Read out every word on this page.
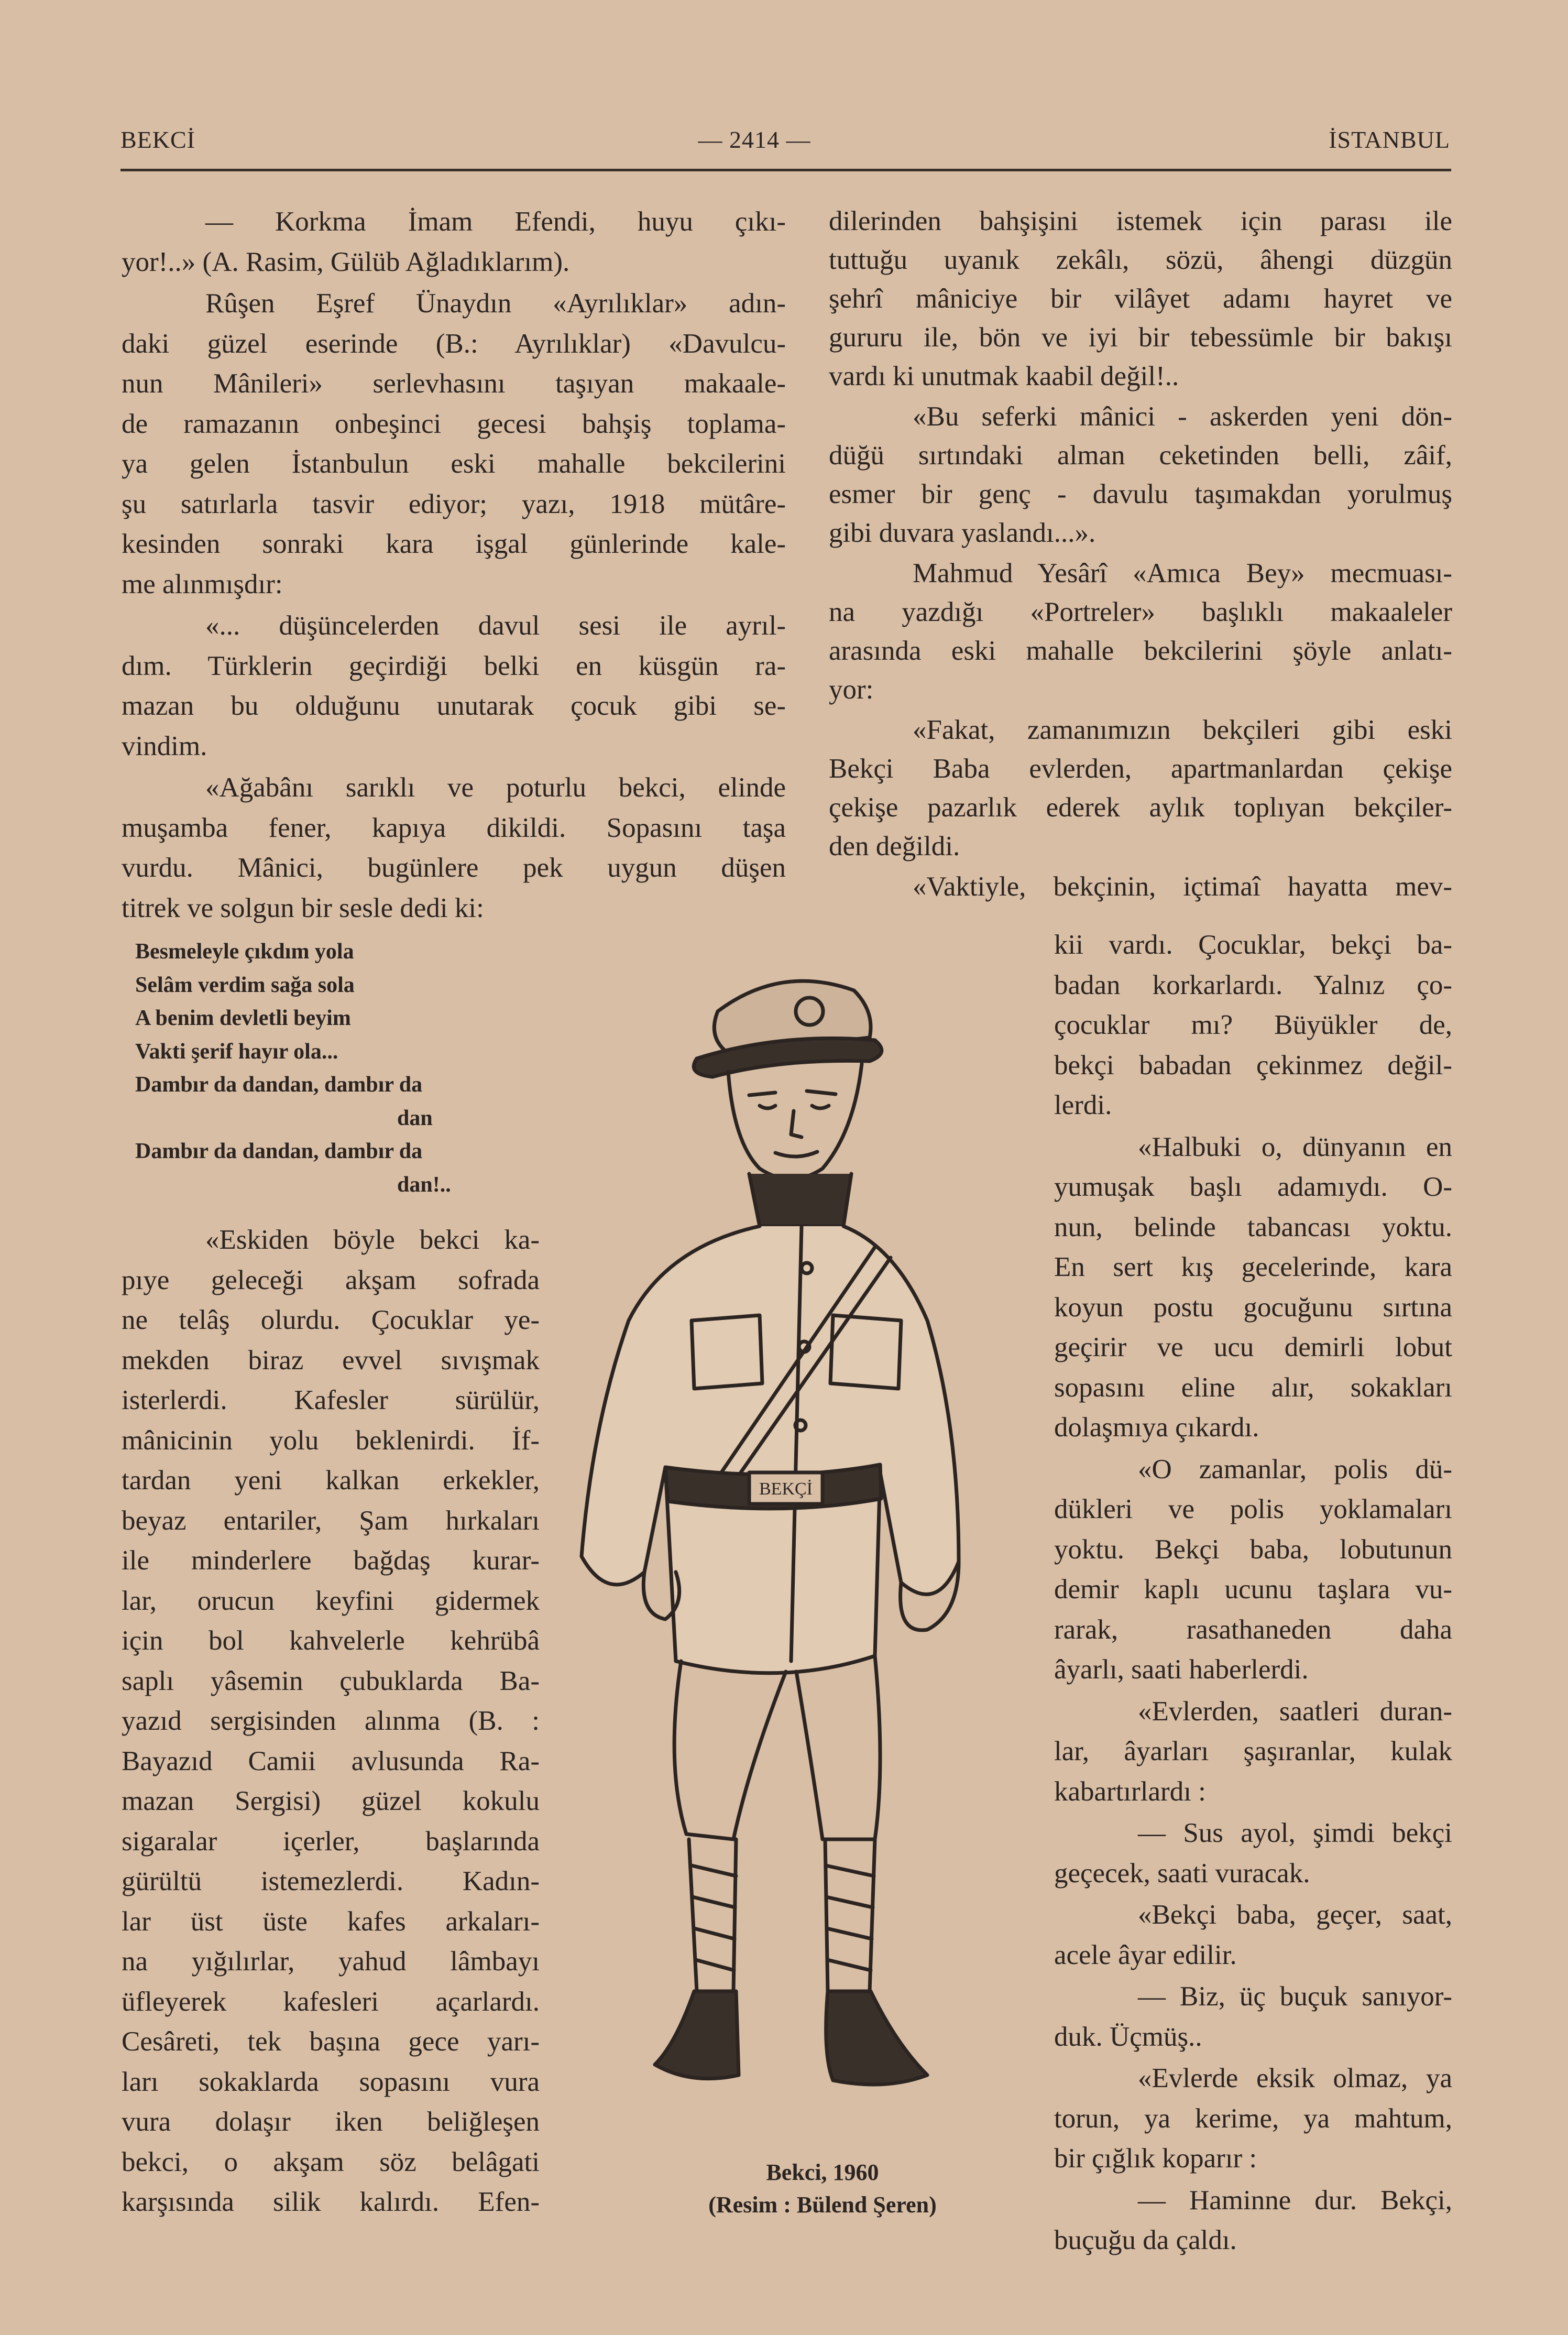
BEKCİ	— 2414 —	İSTANBUL
— Korkma İmam Efendi, huyu çıkı-
yor!..» (A. Rasim, Gülüb Ağladıklarım).
Rûşen Eşref Ünaydın «Ayrılıklar» adın-
daki güzel eserinde (B.: Ayrılıklar) «Davulcu-
nun Mânileri» serlevhasını taşıyan makaale-
de ramazanın onbeşinci gecesi bahşiş toplama-
ya gelen İstanbulun eski mahalle bekcilerini
şu satırlarla tasvir ediyor; yazı, 1918 mütâre-
kesinden sonraki kara işgal günlerinde kale-
me alınmışdır:
«... düşüncelerden davul sesi ile ayrıl-
dım. Türklerin geçirdiği belki en küsgün ra-
mazan bu olduğunu unutarak çocuk gibi se-
vindim.
«Ağabânı sarıklı ve poturlu bekci, elinde
muşamba fener, kapıya dikildi. Sopasını taşa
vurdu. Mânici, bugünlere pek uygun düşen
titrek ve solgun bir sesle dedi ki:
dilerinden bahşişini istemek için parası ile
tuttuğu uyanık zekâlı, sözü, âhengi düzgün
şehrî mâniciye bir vilâyet adamı hayret ve
gururu ile, bön ve iyi bir tebessümle bir bakışı
vardı ki unutmak kaabil değil!..
«Bu seferki mânici - askerden yeni dön-
düğü sırtındaki alman ceketinden belli, zâif,
esmer bir genç - davulu taşımakdan yorulmuş
gibi duvara yaslandı...».
Mahmud Yesârî «Amıca Bey» mecmuası-
na yazdığı «Portreler» başlıklı makaaleler
arasında eski mahalle bekcilerini şöyle anlatı-
yor:
«Fakat, zamanımızın bekçileri gibi eski
Bekçi Baba evlerden, apartmanlardan çekişe
çekişe pazarlık ederek aylık toplıyan bekçiler-
den değildi.
«Vaktiyle, bekçinin, içtimaî hayatta mev-
Besmeleyle çıkdım yola
Selâm verdim sağa sola
A benim devletli beyim
Vakti şerif hayır ola...
Dambır da dandan, dambır da
dan
Dambır da dandan, dambır da
dan!..
«Eskiden böyle bekci ka-
pıye geleceği akşam sofrada
ne telâş olurdu. Çocuklar ye-
mekden biraz evvel sıvışmak
isterlerdi. Kafesler sürülür,
mânicinin yolu beklenirdi. İf-
tardan yeni kalkan erkekler,
beyaz entariler, Şam hırkaları
ile minderlere bağdaş kurar-
lar, orucun keyfini gidermek
için bol kahvelerle kehrübâ
saplı yâsemin çubuklarda Ba-
yazıd sergisinden alınma (B. :
Bayazıd Camii avlusunda Ra-
mazan Sergisi) güzel kokulu
sigaralar içerler, başlarında
gürültü istemezlerdi. Kadın-
lar üst üste kafes arkaları-
na yığılırlar, yahud lâmbayı
üfleyerek kafesleri açarlardı.
Cesâreti, tek başına gece yarı-
ları sokaklarda sopasını vura
vura dolaşır iken beliğleşen
bekci, o akşam söz belâgati
karşısında silik kalırdı. Efen-
kii vardı. Çocuklar, bekçi ba-
badan korkarlardı. Yalnız ço-
çocuklar mı? Büyükler de,
bekçi babadan çekinmez değil-
lerdi.
«Halbuki o, dünyanın en
yumuşak başlı adamıydı. O-
nun, belinde tabancası yoktu.
En sert kış gecelerinde, kara
koyun postu gocuğunu sırtına
geçirir ve ucu demirli lobut
sopasını eline alır, sokakları
dolaşmıya çıkardı.
«O zamanlar, polis dü-
dükleri ve polis yoklamaları
yoktu. Bekçi baba, lobutunun
demir kaplı ucunu taşlara vu-
rarak, rasathaneden daha
âyarlı, saati haberlerdi.
«Evlerden, saatleri duran-
lar, âyarları şaşıranlar, kulak
kabartırlardı :
— Sus ayol, şimdi bekçi
geçecek, saati vuracak.
«Bekçi baba, geçer, saat,
acele âyar edilir.
— Biz, üç buçuk sanıyor-
duk. Üçmüş..
«Evlerde eksik olmaz, ya
torun, ya kerime, ya mahtum,
bir çığlık koparır :
— Haminne dur. Bekçi,
buçuğu da çaldı.
BEKÇİ
Bekci, 1960
(Resim : Bülend Şeren)
